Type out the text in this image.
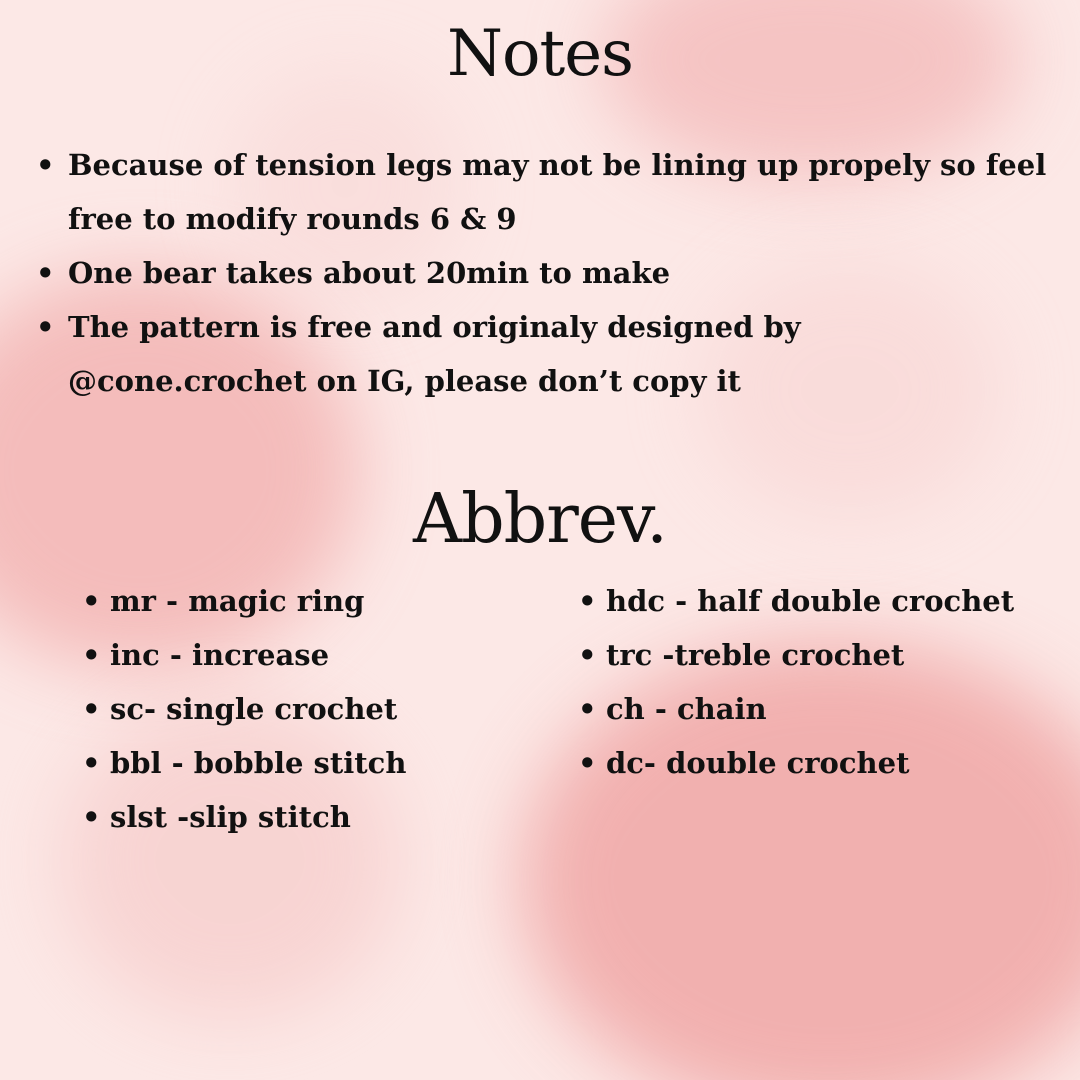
Notes
• Because of tension legs may not be lining up propely so feel free to modify rounds 6 & 9
• One bear takes about 20min to make
• The pattern is free and originaly designed by @cone.crochet on IG, please don’t copy it
Abbrev.
• mr - magic ring
• inc - increase
• sc- single crochet
• bbl - bobble stitch
• slst -slip stitch
• hdc - half double crochet
• trc -treble crochet
• ch - chain
• dc- double crochet
